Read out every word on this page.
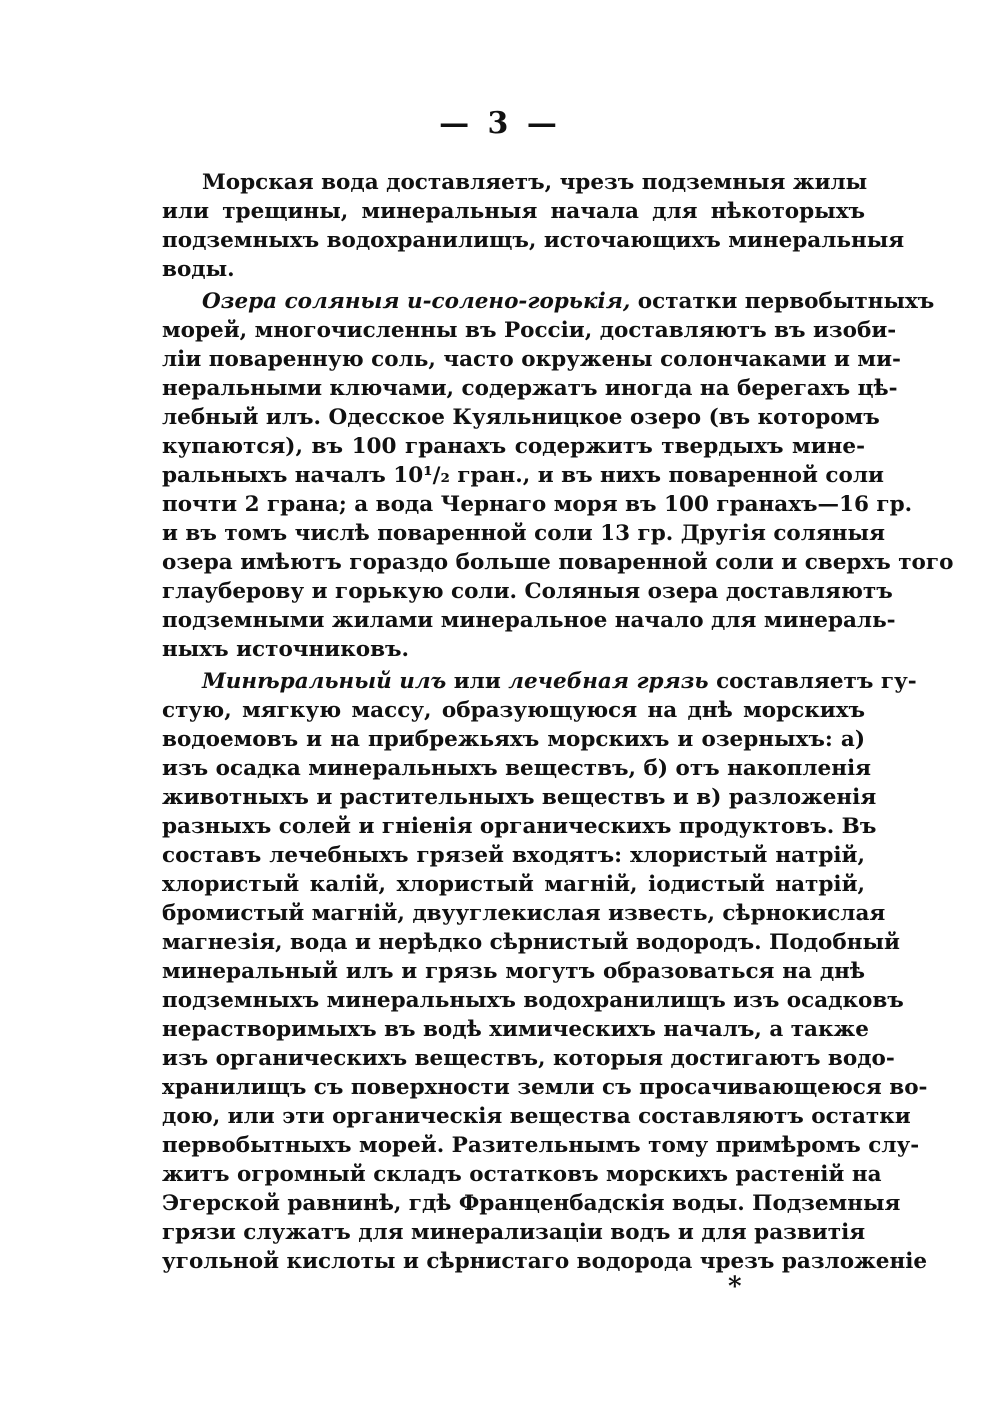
— 3 —
Морская вода доставляетъ, чрезъ подземныя жилы
или трещины, минеральныя начала для нѣкоторыхъ
подземныхъ водохранилищъ, источающихъ минеральныя
воды.
Озера соляныя и-солено-горькія, остатки первобытныхъ
морей, многочисленны въ Россіи, доставляютъ въ изоби-
ліи поваренную соль, часто окружены солончаками и ми-
неральными ключами, содержатъ иногда на берегахъ цѣ-
лебный илъ. Одесское Куяльницкое озеро (въ которомъ
купаются), въ 100 гранахъ содержитъ твердыхъ мине-
ральныхъ началъ 10¹/₂ гран., и въ нихъ поваренной соли
почти 2 грана; а вода Чернаго моря въ 100 гранахъ—16 гр.
и въ томъ числѣ поваренной соли 13 гр. Другія соляныя
озера имѣютъ гораздо больше поваренной соли и сверхъ того
глауберову и горькую соли. Соляныя озера доставляютъ
подземными жилами минеральное начало для минераль-
ныхъ источниковъ.
Минѣральный илъ или лечебная грязь составляетъ гу-
стую, мягкую массу, образующуюся на днѣ морскихъ
водоемовъ и на прибрежьяхъ морскихъ и озерныхъ: а)
изъ осадка минеральныхъ веществъ, б) отъ накопленія
животныхъ и растительныхъ веществъ и в) разложенія
разныхъ солей и гніенія органическихъ продуктовъ. Въ
составъ лечебныхъ грязей входятъ: хлористый натрій,
хлористый калій, хлористый магній, іодистый натрій,
бромистый магній, двууглекислая известь, сѣрнокислая
магнезія, вода и нерѣдко сѣрнистый водородъ. Подобный
минеральный илъ и грязь могутъ образоваться на днѣ
подземныхъ минеральныхъ водохранилищъ изъ осадковъ
нерастворимыхъ въ водѣ химическихъ началъ, а также
изъ органическихъ веществъ, которыя достигаютъ водо-
хранилищъ съ поверхности земли съ просачивающеюся во-
дою, или эти органическія вещества составляютъ остатки
первобытныхъ морей. Разительнымъ тому примѣромъ слу-
житъ огромный складъ остатковъ морскихъ растеній на
Эгерской равнинѣ, гдѣ Франценбадскія воды. Подземныя
грязи служатъ для минерализаціи водъ и для развитія
угольной кислоты и сѣрнистаго водорода чрезъ разложеніе
*
